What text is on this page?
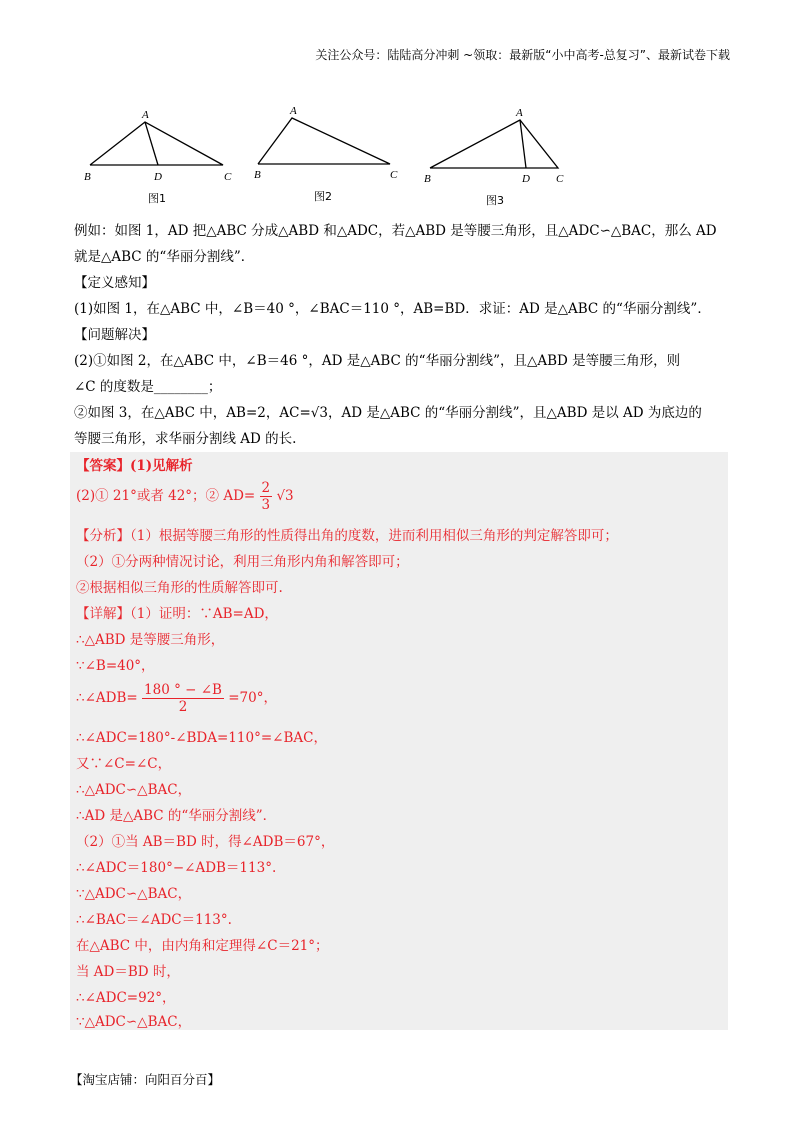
关注公众号：陆陆高分冲刺 ~领取：最新版“小中高考-总复习”、最新试卷下载
A
B	D	C
图1
A
B	C
图2
A
B	D C
图3
例如：如图 1，AD 把△ABC 分成△ABD 和△ADC，若△ABD 是等腰三角形，且△ADC∽△BAC，那么 AD
就是△ABC 的“华丽分割线”．
【定义感知】
(1)如图 1，在△ABC 中，∠B＝40 °，∠BAC＝110 °，AB=BD．求证：AD 是△ABC 的“华丽分割线”．
【问题解决】
(2)①如图 2，在△ABC 中，∠B＝46 °，AD 是△ABC 的“华丽分割线”，且△ABD 是等腰三角形，则
∠C 的度数是________；
②如图 3，在△ABC 中，AB=2，AC=√3，AD 是△ABC 的“华丽分割线”，且△ABD 是以 AD 为底边的
等腰三角形，求华丽分割线 AD 的长.
【答案】(1)见解析
(2)① 21°或者 42°；② $AD= \frac{2}{3} √3$
【分析】（1）根据等腰三角形的性质得出角的度数，进而利用相似三角形的判定解答即可；
（2）①分两种情况讨论，利用三角形内角和解答即可；
②根据相似三角形的性质解答即可.
【详解】（1）证明：∵AB=AD，
∴△ABD 是等腰三角形，
∵∠B=40°，
∴∠ADB= $\frac{180 ^\circ - \angle B}{2} =70^\circ$，
∴∠ADC=180°-∠BDA=110°=∠BAC，
又∵∠C=∠C，
∴△ADC∽△BAC，
∴AD 是△ABC 的“华丽分割线”．
（2）①当 AB＝BD 时，得∠ADB＝67°，
∴∠ADC＝180°−∠ADB＝113°.
∵△ADC∽△BAC，
∴∠BAC＝∠ADC＝113°.
在△ABC 中，由内角和定理得∠C＝21°；
当 AD＝BD 时，
∴∠ADC=92°，
∵△ADC∽△BAC，
【淘宝店铺：向阳百分百】
